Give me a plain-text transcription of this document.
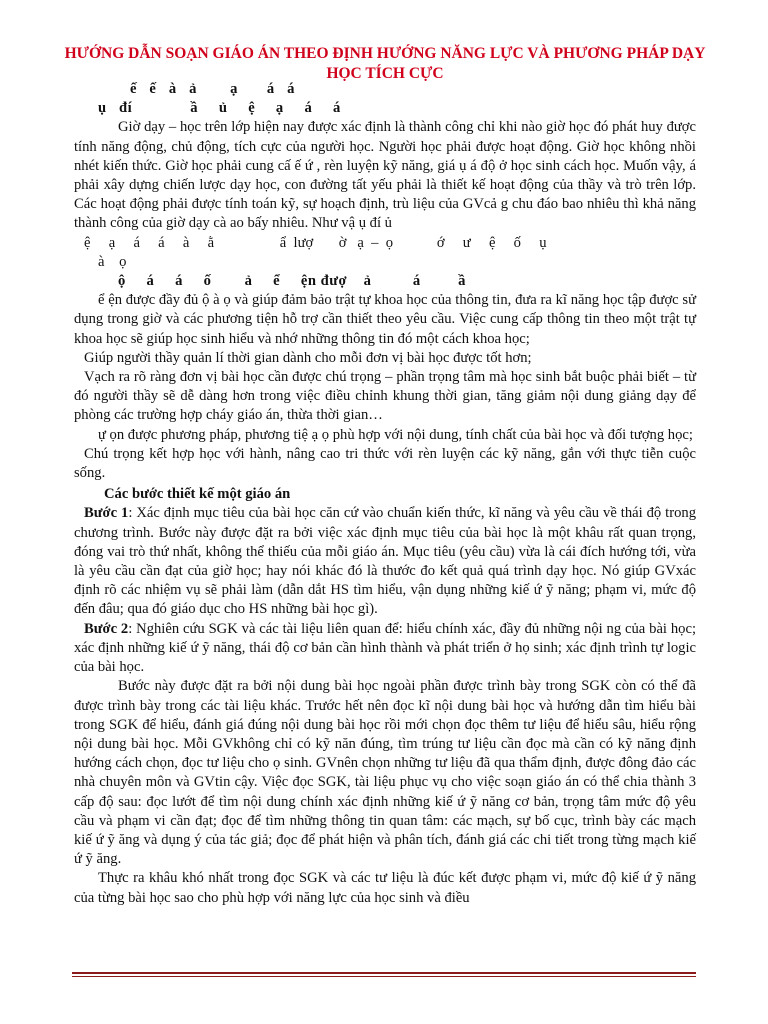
HƯỚNG DẪN SOẠN GIÁO ÁN THEO ĐỊNH HƯỚNG NĂNG LỰC VÀ PHƯƠNG PHÁP DẠY HỌC TÍCH CỰC

ế   ế   à   ả        ạ       á   á

ụ   đí              ầ     ủ     ệ     ạ     á     á

Giờ dạy – học trên lớp hiện nay được xác định là thành công chỉ khi nào giờ học đó phát huy được tính năng động, chủ động, tích cực của người học. Người học phải được hoạt động. Giờ học không nhồi nhét kiến thức. Giờ học phải cung cấ ế ứ , rèn luyện kỹ năng, giá ụ á độ ở học sinh cách học. Muốn vậy, á phải xây dựng chiến lược dạy học, con đường tất yếu phải là thiết kế hoạt động của thầy và trò trên lớp. Các hoạt động phải được tính toán kỹ, sự hoạch định, trù liệu của GVcả g chu đáo bao nhiêu thì khả năng thành công của giờ dạy cà ao bấy nhiêu. Như vậ ụ đí ủ

ệ     ạ     á     á     à     ằ                  ẩ  lượ       ờ   ạ  –  ọ            ớ     ư     ệ     ố     ụ

à    ọ

ộ     á     á     ố        ả     ể     ện đượ    ả          á         ầ

ể ện được đầy đủ ộ à ọ và giúp đảm bảo trật tự khoa học của thông tin, đưa ra kĩ năng học tập được sử dụng trong giờ và các phương tiện hỗ trợ cần thiết theo yêu cầu. Việc cung cấp thông tin theo một trật tự khoa học sẽ giúp học sinh hiểu và nhớ những thông tin đó một cách khoa học;

Giúp người thầy quản lí thời gian dành cho mỗi đơn vị bài học được tốt hơn;

Vạch ra rõ ràng đơn vị bài học cần được chú trọng – phần trọng tâm mà học sinh bắt buộc phải biết – từ đó người thầy sẽ dễ dàng hơn trong việc điều chỉnh khung thời gian, tăng giảm nội dung giảng dạy để phòng các trường hợp cháy giáo án, thừa thời gian…

ự ọn được phương pháp, phương tiệ ạ ọ phù hợp với nội dung, tính chất của bài học và đối tượng học;

Chú trọng kết hợp học với hành, nâng cao tri thức với rèn luyện các kỹ năng, gắn với thực tiễn cuộc sống.

Các bước thiết kế một giáo án

Bước 1: Xác định mục tiêu của bài học căn cứ vào chuẩn kiến thức, kĩ năng và yêu cầu về thái độ trong chương trình. Bước này được đặt ra bởi việc xác định mục tiêu của bài học là một khâu rất quan trọng, đóng vai trò thứ nhất, không thể thiếu của mỗi giáo án. Mục tiêu (yêu cầu) vừa là cái đích hướng tới, vừa là yêu cầu cần đạt của giờ học; hay nói khác đó là thước đo kết quả quá trình dạy học. Nó giúp GVxác định rõ các nhiệm vụ sẽ phải làm (dẫn dắt HS tìm hiểu, vận dụng những kiế ứ ỹ năng; phạm vi, mức độ đến đâu; qua đó giáo dục cho HS những bài học gì).

Bước 2: Nghiên cứu SGK và các tài liệu liên quan để: hiểu chính xác, đầy đủ những nội ng của bài học; xác định những kiế ứ ỹ năng, thái độ cơ bản cần hình thành và phát triển ở họ sinh; xác định trình tự logic của bài học.

Bước này được đặt ra bởi nội dung bài học ngoài phần được trình bày trong SGK còn có thể đã được trình bày trong các tài liệu khác. Trước hết nên đọc kĩ nội dung bài học và hướng dẫn tìm hiểu bài trong SGK để hiểu, đánh giá đúng nội dung bài học rồi mới chọn đọc thêm tư liệu để hiểu sâu, hiểu rộng nội dung bài học. Mỗi GVkhông chỉ có kỹ năn đúng, tìm trúng tư liệu cần đọc mà cần có kỹ năng định hướng cách chọn, đọc tư liệu cho ọ sinh. GVnên chọn những tư liệu đã qua thẩm định, được đông đảo các nhà chuyên môn và GVtin cậy. Việc đọc SGK, tài liệu phục vụ cho việc soạn giáo án có thể chia thành 3 cấp độ sau: đọc lướt để tìm nội dung chính xác định những kiế ứ ỹ năng cơ bản, trọng tâm mức độ yêu cầu và phạm vi cần đạt; đọc để tìm những thông tin quan tâm: các mạch, sự bố cục, trình bày các mạch kiế ứ ỹ ăng và dụng ý của tác giả; đọc để phát hiện và phân tích, đánh giá các chi tiết trong từng mạch kiế ứ ỹ ăng.

Thực ra khâu khó nhất trong đọc SGK và các tư liệu là đúc kết được phạm vi, mức độ kiế ứ ỹ năng của từng bài học sao cho phù hợp với năng lực của học sinh và điều
